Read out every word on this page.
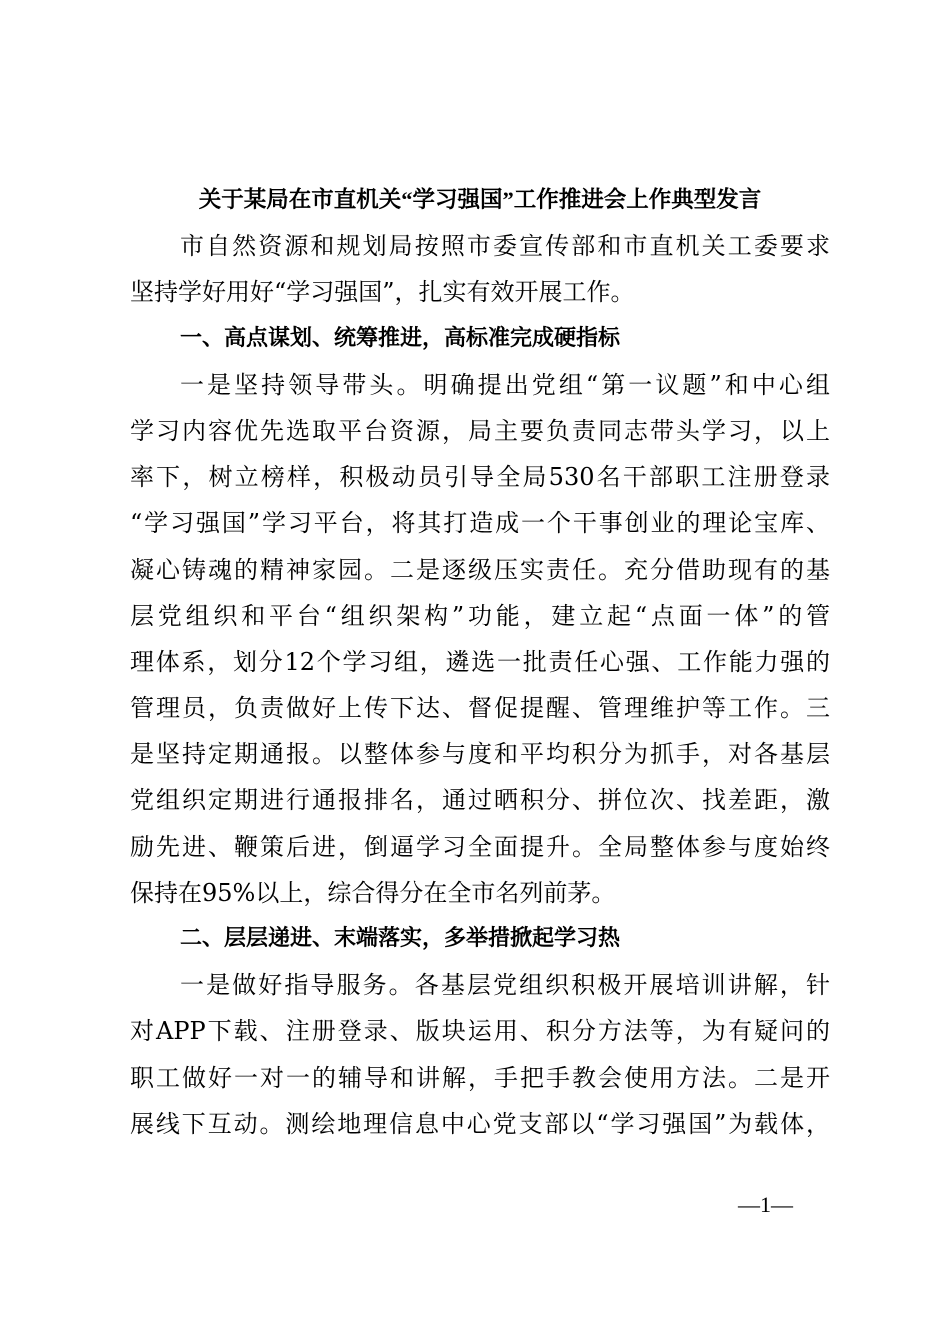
关于某局在市直机关“学习强国”工作推进会上作典型发言
市自然资源和规划局按照市委宣传部和市直机关工委要求
坚持学好用好“学习强国”，扎实有效开展工作。
一、高点谋划、统筹推进，高标准完成硬指标
一是坚持领导带头。明确提出党组“第一议题”和中心组
学习内容优先选取平台资源，局主要负责同志带头学习，以上
率下，树立榜样，积极动员引导全局530名干部职工注册登录
“学习强国”学习平台，将其打造成一个干事创业的理论宝库、
凝心铸魂的精神家园。二是逐级压实责任。充分借助现有的基
层党组织和平台“组织架构”功能，建立起“点面一体”的管
理体系，划分12个学习组，遴选一批责任心强、工作能力强的
管理员，负责做好上传下达、督促提醒、管理维护等工作。三
是坚持定期通报。以整体参与度和平均积分为抓手，对各基层
党组织定期进行通报排名，通过晒积分、拼位次、找差距，激
励先进、鞭策后进，倒逼学习全面提升。全局整体参与度始终
保持在95%以上，综合得分在全市名列前茅。
二、层层递进、末端落实，多举措掀起学习热
一是做好指导服务。各基层党组织积极开展培训讲解，针
对APP下载、注册登录、版块运用、积分方法等，为有疑问的
职工做好一对一的辅导和讲解，手把手教会使用方法。二是开
展线下互动。测绘地理信息中心党支部以“学习强国”为载体，
—1—
